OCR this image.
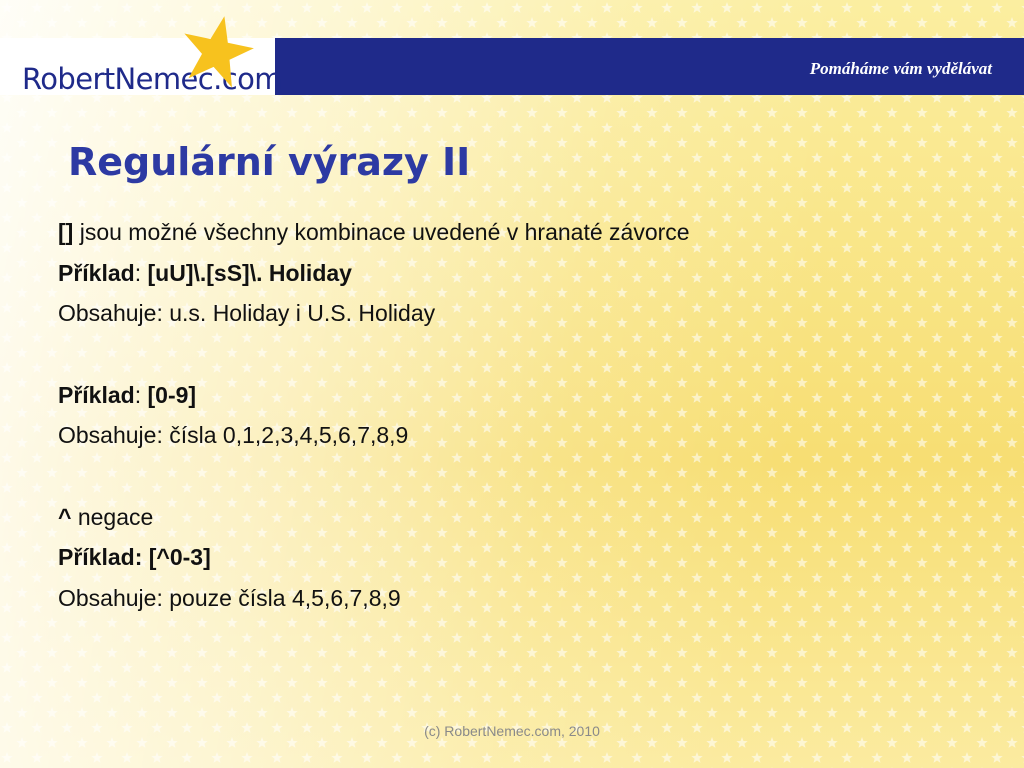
RobertNemec.com	Pomáháme vám vydělávat
Regulární výrazy II
[] jsou možné všechny kombinace uvedené v hranaté závorce
Příklad: [uU]\.[sS]\. Holiday
Obsahuje: u.s. Holiday i U.S. Holiday
Příklad: [0-9]
Obsahuje: čísla 0,1,2,3,4,5,6,7,8,9
^ negace
Příklad: [^0-3]
Obsahuje: pouze čísla 4,5,6,7,8,9
(c) RobertNemec.com, 2010
